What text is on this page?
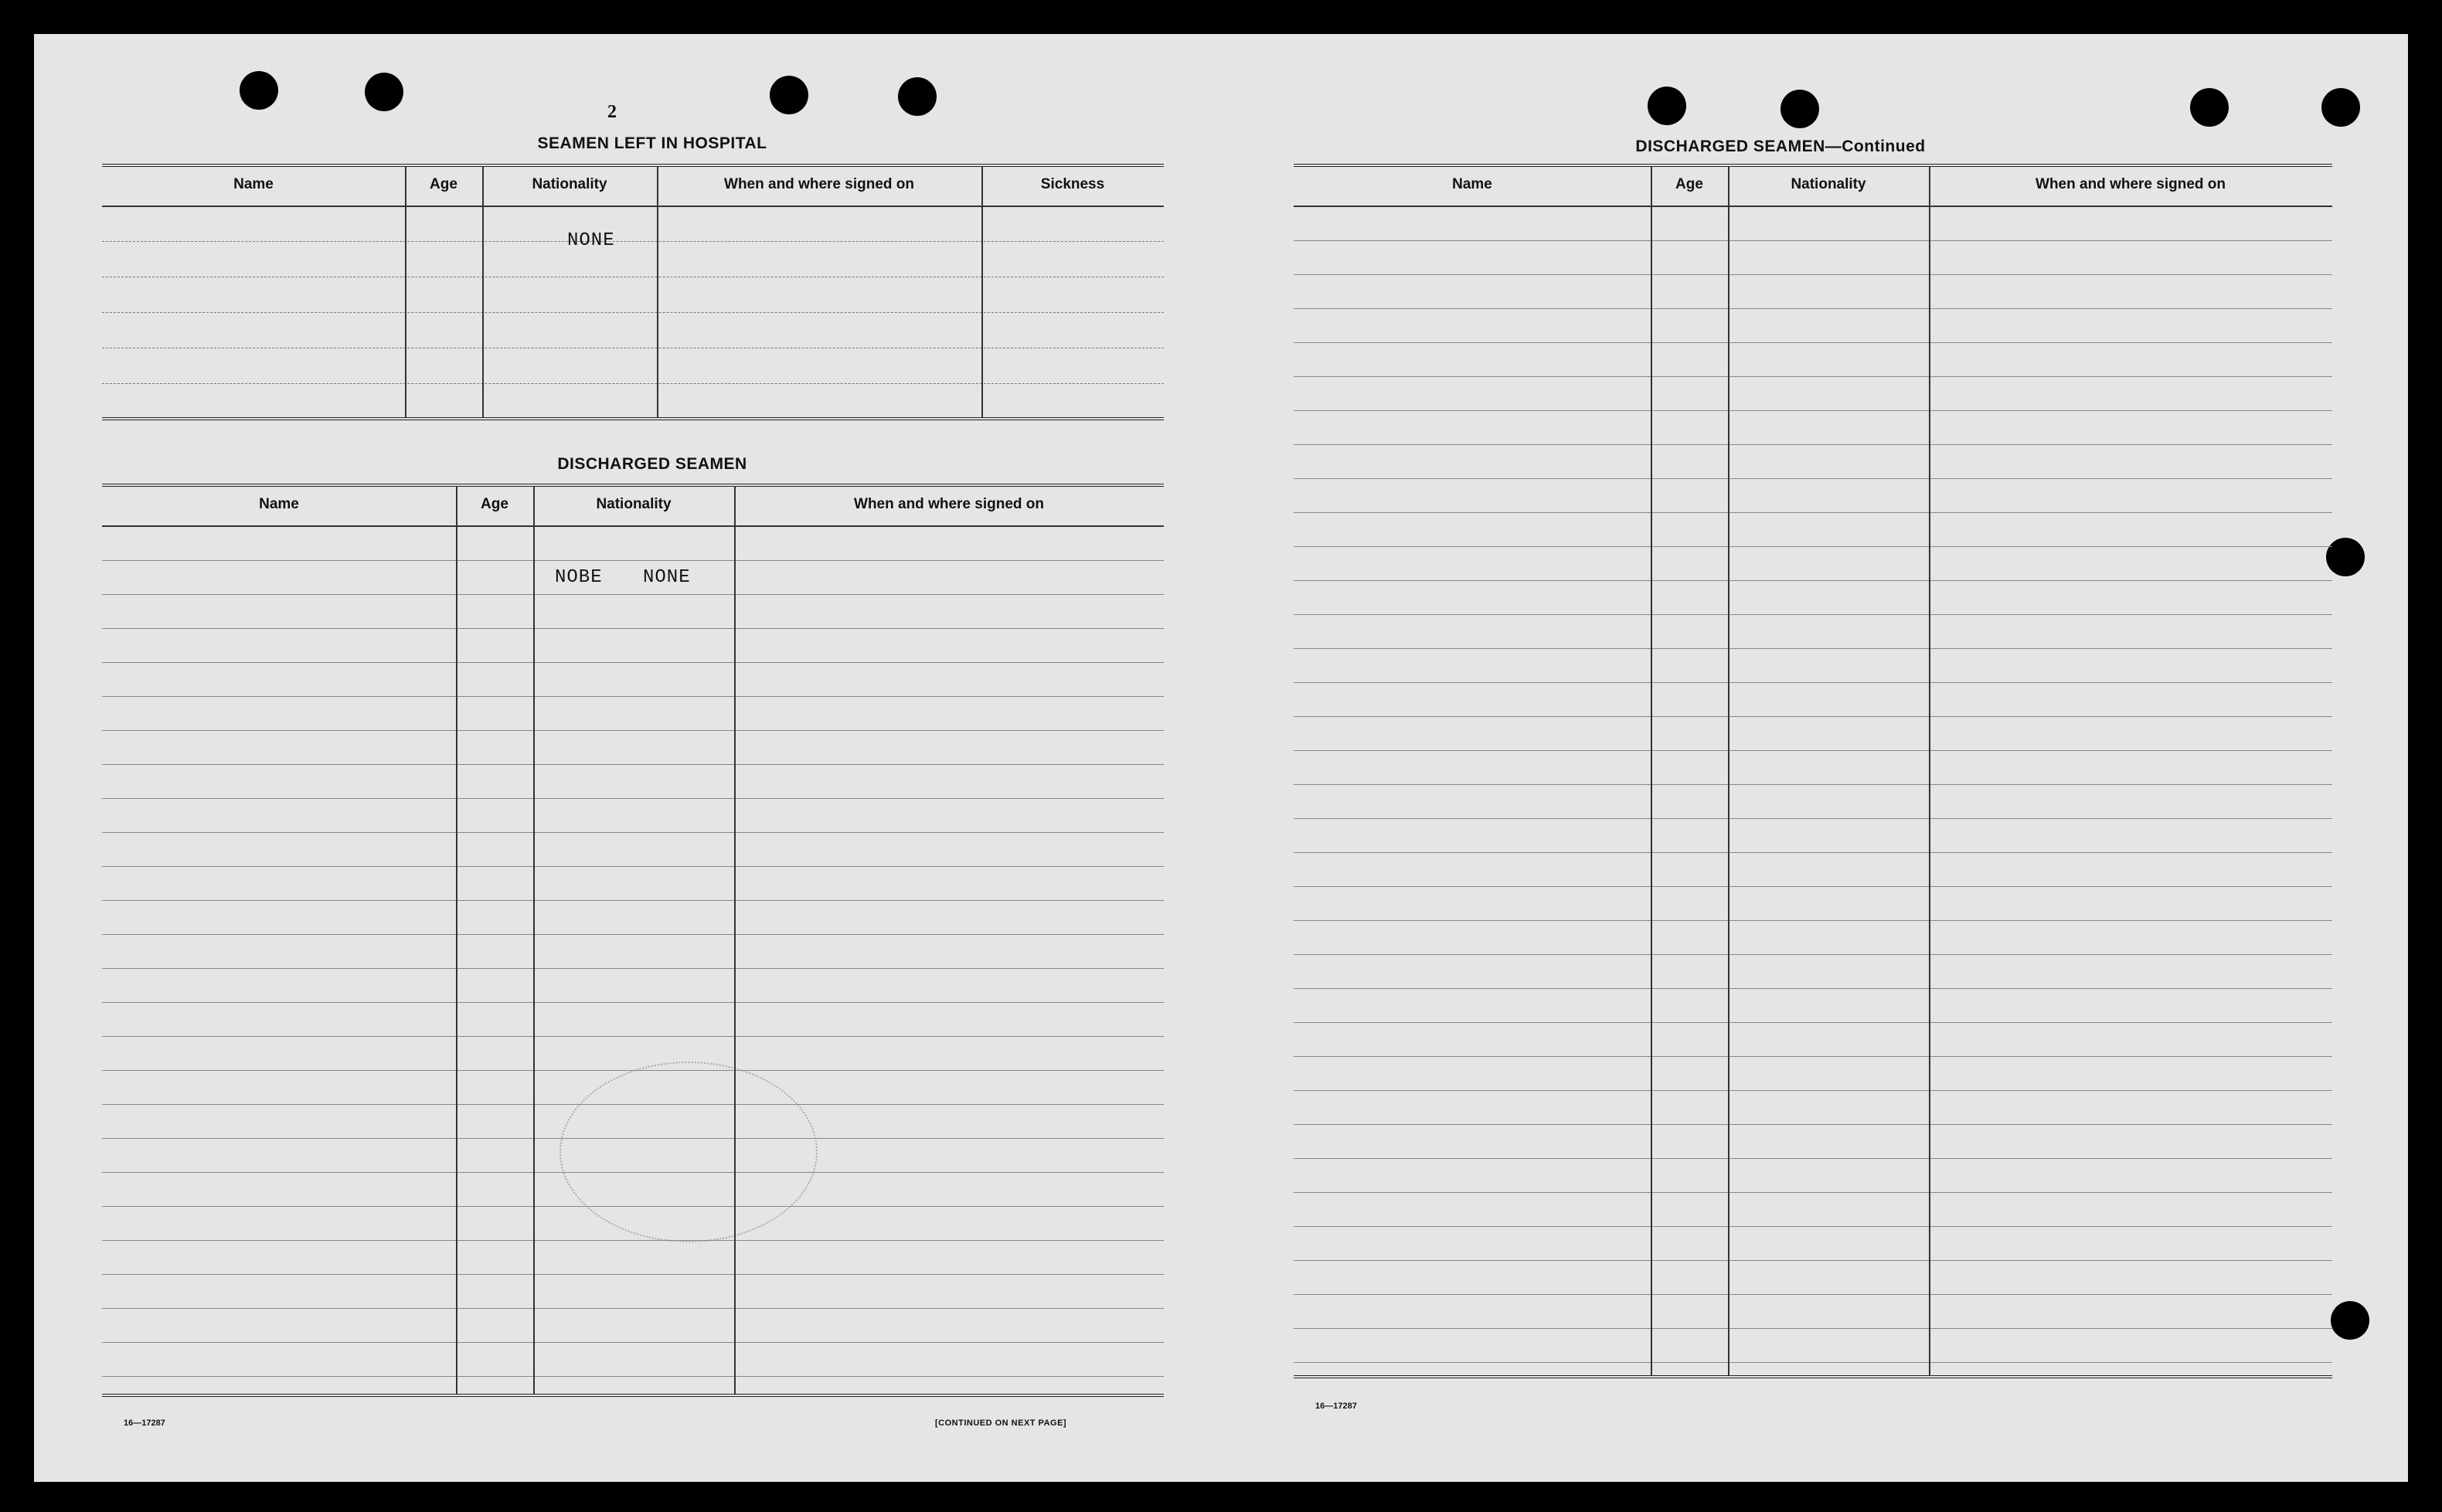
2
SEAMEN LEFT IN HOSPITAL
Name	Age	Nationality	When and where signed on	Sickness
NONE
DISCHARGED SEAMEN
Name	Age	Nationality	When and where signed on
NOBE NONE
16—17287	[CONTINUED ON NEXT PAGE]
DISCHARGED SEAMEN—Continued
Name	Age	Nationality	When and where signed on
16—17287
